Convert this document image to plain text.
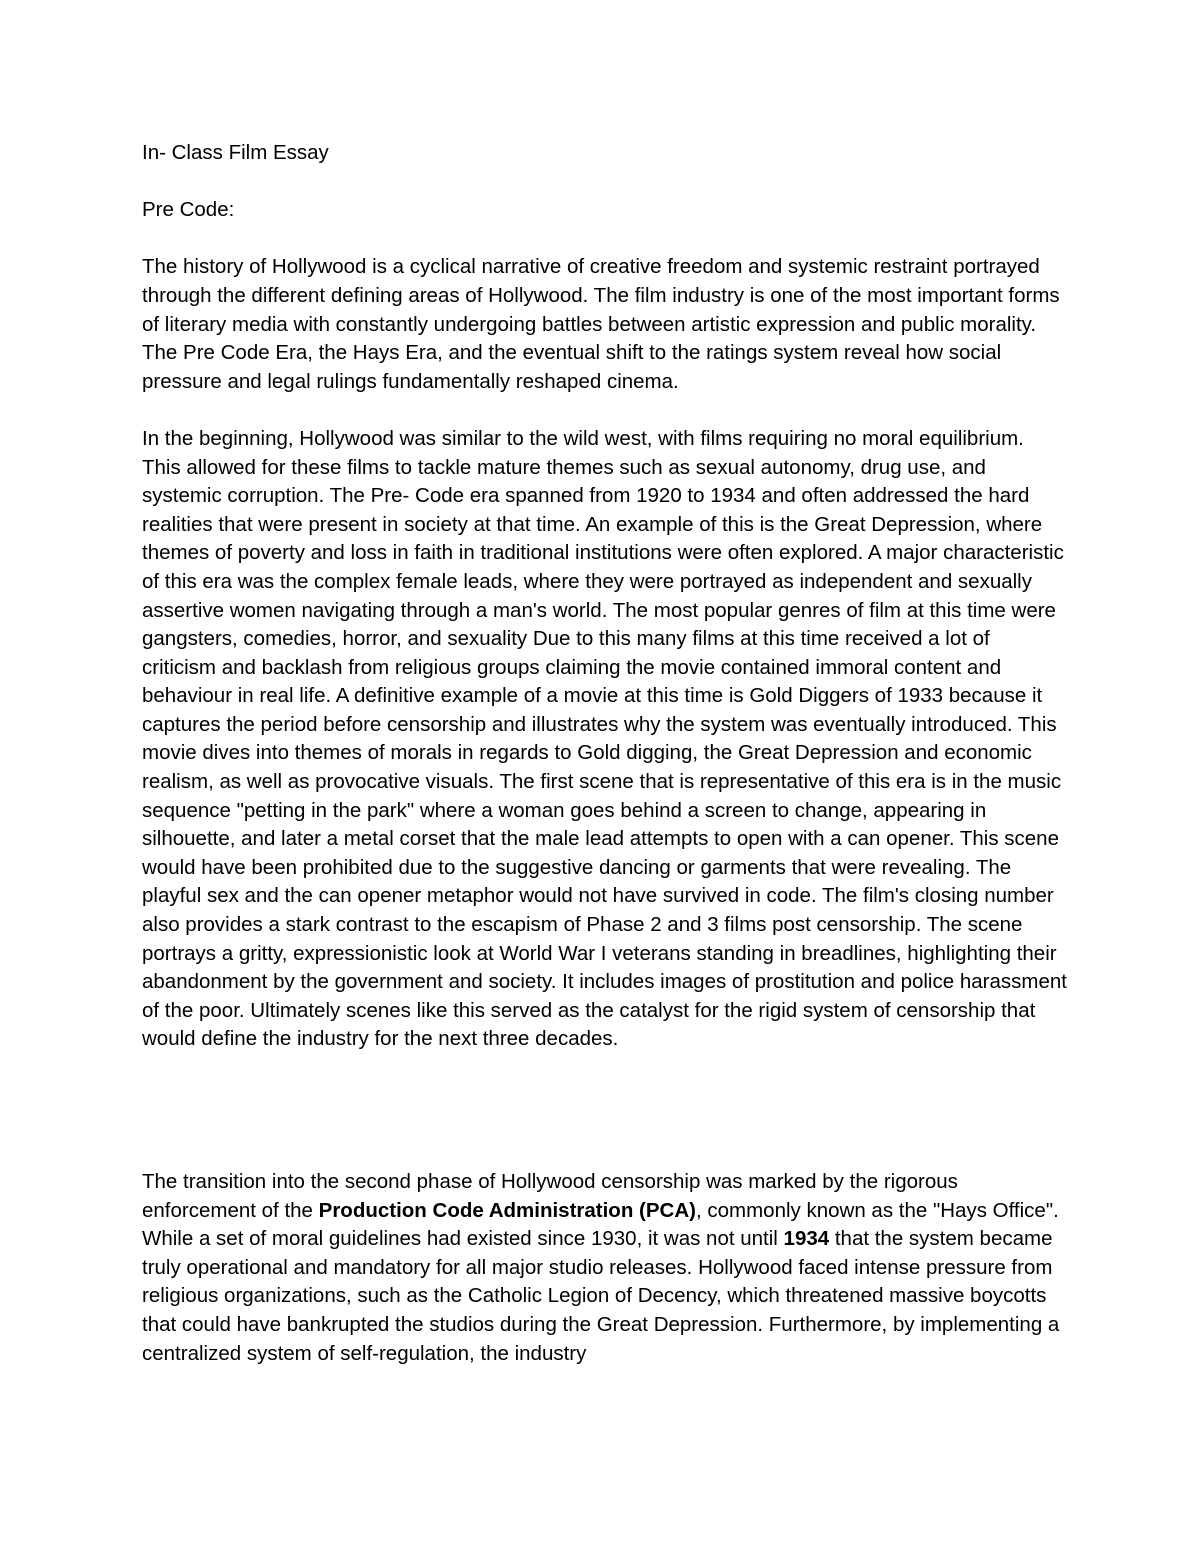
In- Class Film Essay

Pre Code:

The history of Hollywood is a cyclical narrative of creative freedom and systemic restraint portrayed through the different defining areas of Hollywood. The film industry is one of the most important forms of literary media with constantly undergoing battles between artistic expression and public morality. The Pre Code Era, the Hays Era, and the eventual shift to the ratings system reveal how social pressure and legal rulings fundamentally reshaped cinema.

In the beginning, Hollywood was similar to the wild west, with films requiring no moral equilibrium. This allowed for these films to tackle mature themes such as sexual autonomy, drug use, and systemic corruption. The Pre- Code era spanned from 1920 to 1934 and often addressed the hard realities that were present in society at that time. An example of this is the Great Depression, where themes of poverty and loss in faith in traditional institutions were often explored. A major characteristic of this era was the complex female leads, where they were portrayed as independent and sexually assertive women navigating through a man's world. The most popular genres of film at this time were gangsters, comedies, horror, and sexuality Due to this many films at this time received a lot of criticism and backlash from religious groups claiming the movie contained immoral content and behaviour in real life. A definitive example of a movie at this time is Gold Diggers of 1933 because it captures the period before censorship and illustrates why the system was eventually introduced. This movie dives into themes of morals in regards to Gold digging, the Great Depression and economic realism, as well as provocative visuals. The first scene that is representative of this era is in the music sequence "petting in the park" where a woman goes behind a screen to change, appearing in silhouette, and later a metal corset that the male lead attempts to open with a can opener. This scene would have been prohibited due to the suggestive dancing or garments that were revealing. The playful sex and the can opener metaphor would not have survived in code. The film's closing number also provides a stark contrast to the escapism of Phase 2 and 3 films post censorship. The scene portrays a gritty, expressionistic look at World War I veterans standing in breadlines, highlighting their abandonment by the government and society. It includes images of prostitution and police harassment of the poor. Ultimately scenes like this served as the catalyst for the rigid system of censorship that would define the industry for the next three decades.

The transition into the second phase of Hollywood censorship was marked by the rigorous enforcement of the Production Code Administration (PCA), commonly known as the "Hays Office". While a set of moral guidelines had existed since 1930, it was not until 1934 that the system became truly operational and mandatory for all major studio releases. Hollywood faced intense pressure from religious organizations, such as the Catholic Legion of Decency, which threatened massive boycotts that could have bankrupted the studios during the Great Depression. Furthermore, by implementing a centralized system of self-regulation, the industry
